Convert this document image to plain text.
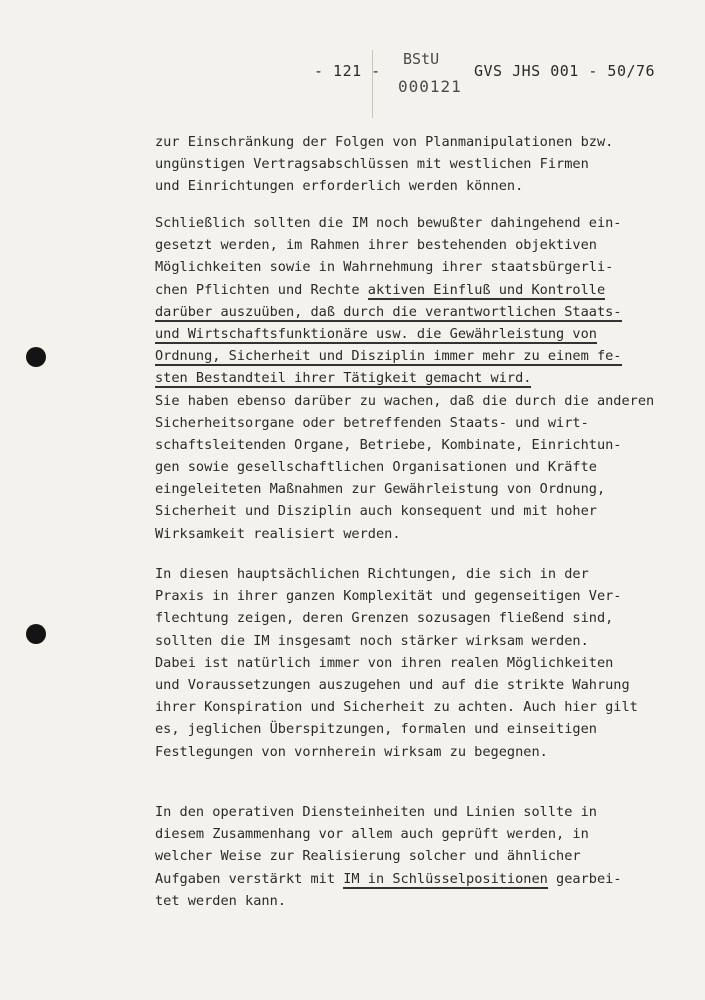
- 121 -
BStU
000121
GVS JHS 001 - 50/76
zur Einschränkung der Folgen von Planmanipulationen bzw.
ungünstigen Vertragsabschlüssen mit westlichen Firmen
und Einrichtungen erforderlich werden können.
Schließlich sollten die IM noch bewußter dahingehend ein-
gesetzt werden, im Rahmen ihrer bestehenden objektiven
Möglichkeiten sowie in Wahrnehmung ihrer staatsbürgerli-
chen Pflichten und Rechte aktiven Einfluß und Kontrolle
darüber auszuüben, daß durch die verantwortlichen Staats-
und Wirtschaftsfunktionäre usw. die Gewährleistung von
Ordnung, Sicherheit und Disziplin immer mehr zu einem fe-
sten Bestandteil ihrer Tätigkeit gemacht wird.
Sie haben ebenso darüber zu wachen, daß die durch die anderen
Sicherheitsorgane oder betreffenden Staats- und wirt-
schaftsleitenden Organe, Betriebe, Kombinate, Einrichtun-
gen sowie gesellschaftlichen Organisationen und Kräfte
eingeleiteten Maßnahmen zur Gewährleistung von Ordnung,
Sicherheit und Disziplin auch konsequent und mit hoher
Wirksamkeit realisiert werden.
In diesen hauptsächlichen Richtungen, die sich in der
Praxis in ihrer ganzen Komplexität und gegenseitigen Ver-
flechtung zeigen, deren Grenzen sozusagen fließend sind,
sollten die IM insgesamt noch stärker wirksam werden.
Dabei ist natürlich immer von ihren realen Möglichkeiten
und Voraussetzungen auszugehen und auf die strikte Wahrung
ihrer Konspiration und Sicherheit zu achten. Auch hier gilt
es, jeglichen Überspitzungen, formalen und einseitigen
Festlegungen von vornherein wirksam zu begegnen.
In den operativen Diensteinheiten und Linien sollte in
diesem Zusammenhang vor allem auch geprüft werden, in
welcher Weise zur Realisierung solcher und ähnlicher
Aufgaben verstärkt mit IM in Schlüsselpositionen gearbei-
tet werden kann.
